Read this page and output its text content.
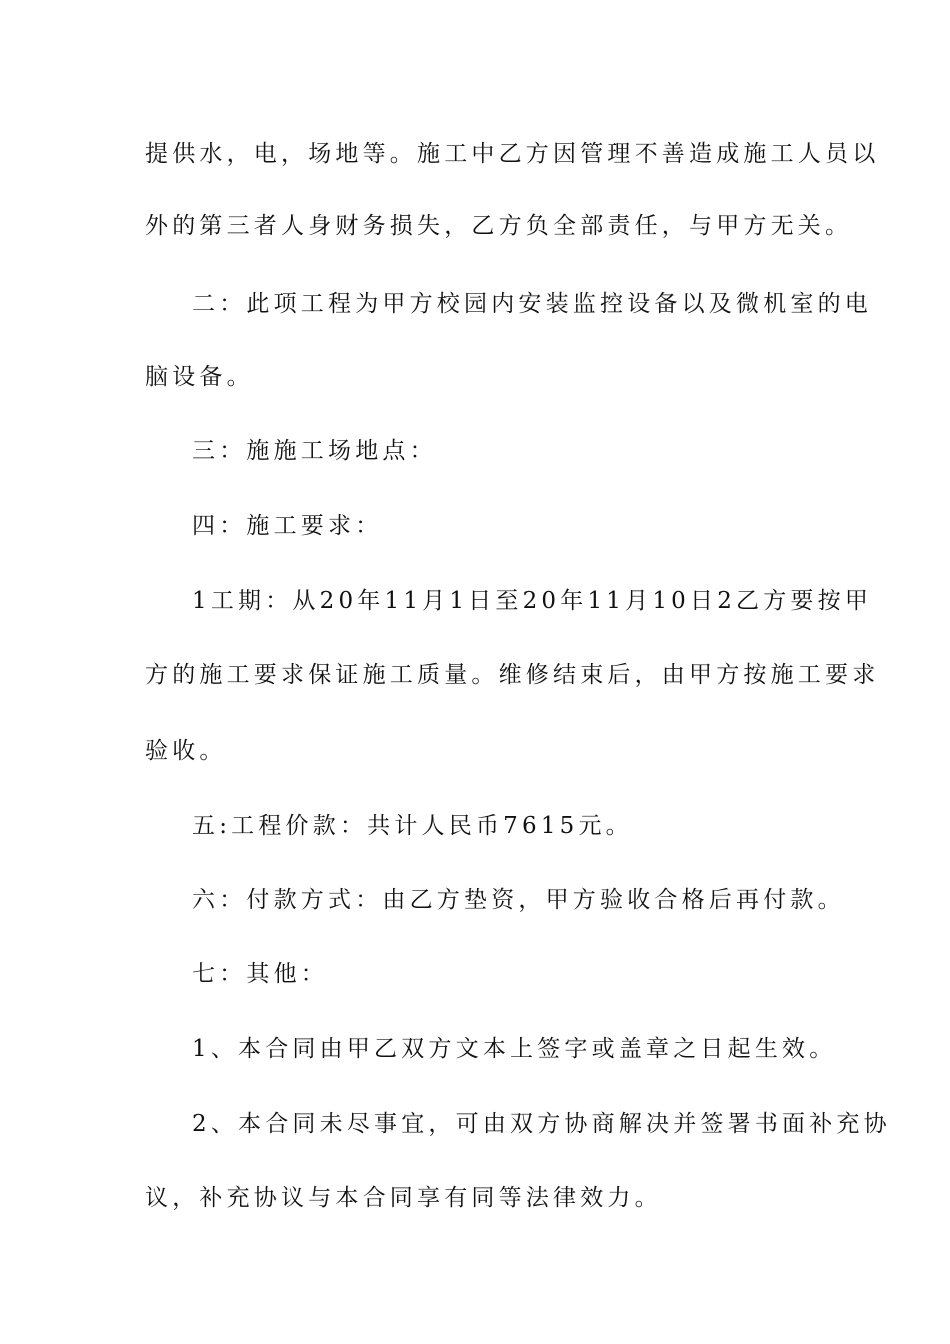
提供水，电，场地等。施工中乙方因管理不善造成施工人员以
外的第三者人身财务损失，乙方负全部责任，与甲方无关。
二：此项工程为甲方校园内安装监控设备以及微机室的电
脑设备。
三：施施工场地点：
四：施工要求：
1工期：从20年11月1日至20年11月10日2乙方要按甲
方的施工要求保证施工质量。维修结束后，由甲方按施工要求
验收。
五:工程价款：共计人民币7615元。
六：付款方式：由乙方垫资，甲方验收合格后再付款。
七：其他：
1、本合同由甲乙双方文本上签字或盖章之日起生效。
2、本合同未尽事宜，可由双方协商解决并签署书面补充协
议，补充协议与本合同享有同等法律效力。
